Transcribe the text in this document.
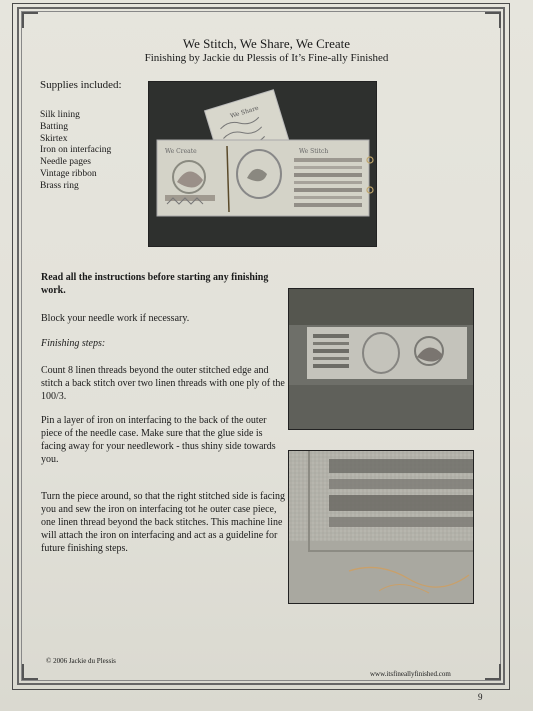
We Stitch, We Share, We Create
Finishing by Jackie du Plessis of It’s Fine-ally Finished
Supplies included:
Silk lining
Batting
Skirtex
Iron on interfacing
Needle pages
Vintage ribbon
Brass ring
We Share
We Create	We Stitch
Read all the instructions before starting any finishing work.
Block your needle work if necessary.
Finishing steps:
Count 8 linen threads beyond the outer stitched edge and stitch a back stitch over two linen threads with one ply of the 100/3.
Pin a layer of iron on interfacing to the back of the outer piece of the needle case. Make sure that the glue side is facing away for your needlework - thus shiny side towards you.
Turn the piece around, so that the right stitched side is facing you and sew the iron on interfacing tot he outer case piece, one linen thread beyond the back stitches. This machine line will attach the iron on interfacing and act as a guideline for future finishing steps.
© 2006 Jackie du Plessis
www.itsfineallyfinished.com
9
